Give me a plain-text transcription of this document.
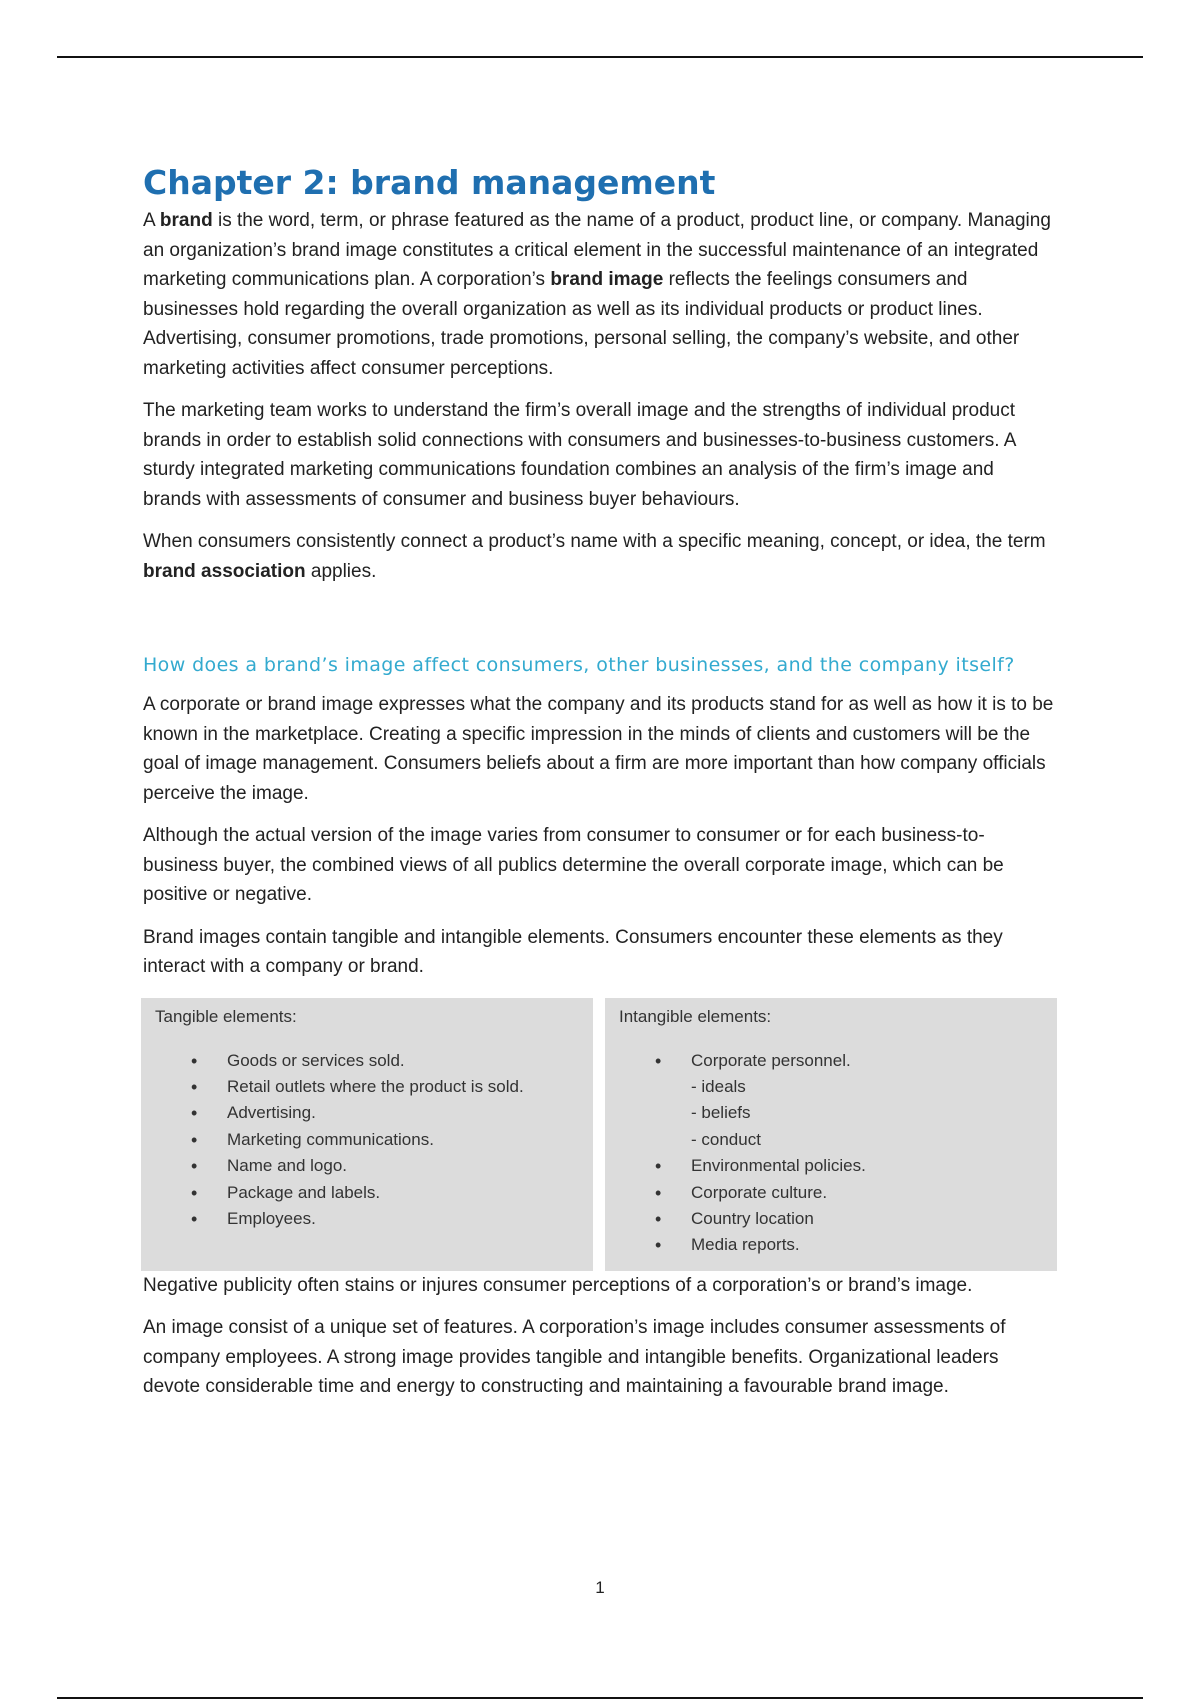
Chapter 2: brand management

A brand is the word, term, or phrase featured as the name of a product, product line, or company. Managing an organization’s brand image constitutes a critical element in the successful maintenance of an integrated marketing communications plan. A corporation’s brand image reflects the feelings consumers and businesses hold regarding the overall organization as well as its individual products or product lines. Advertising, consumer promotions, trade promotions, personal selling, the company’s website, and other marketing activities affect consumer perceptions.

The marketing team works to understand the firm’s overall image and the strengths of individual product brands in order to establish solid connections with consumers and businesses-to-business customers. A sturdy integrated marketing communications foundation combines an analysis of the firm’s image and brands with assessments of consumer and business buyer behaviours.

When consumers consistently connect a product’s name with a specific meaning, concept, or idea, the term brand association applies.

How does a brand’s image affect consumers, other businesses, and the company itself?

A corporate or brand image expresses what the company and its products stand for as well as how it is to be known in the marketplace. Creating a specific impression in the minds of clients and customers will be the goal of image management. Consumers beliefs about a firm are more important than how company officials perceive the image.

Although the actual version of the image varies from consumer to consumer or for each business-to-business buyer, the combined views of all publics determine the overall corporate image, which can be positive or negative.

Brand images contain tangible and intangible elements. Consumers encounter these elements as they interact with a company or brand.

Tangible elements:
• Goods or services sold.
• Retail outlets where the product is sold.
• Advertising.
• Marketing communications.
• Name and logo.
• Package and labels.
• Employees.
Intangible elements:
• Corporate personnel.
- ideals
- beliefs
- conduct
• Environmental policies.
• Corporate culture.
• Country location
• Media reports.

Negative publicity often stains or injures consumer perceptions of a corporation’s or brand’s image.

An image consist of a unique set of features. A corporation’s image includes consumer assessments of company employees. A strong image provides tangible and intangible benefits. Organizational leaders devote considerable time and energy to constructing and maintaining a favourable brand image.

1
